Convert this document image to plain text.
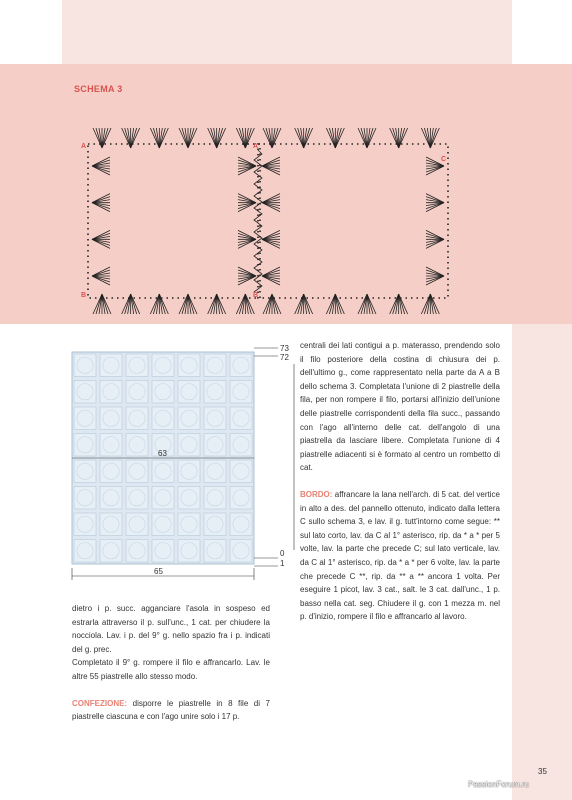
A
B
A
B
C
SCHEMA 3
63
65
73
72
0
1

dietro i p. succ. agganciare l'asola in sospeso ed estrarla attraverso il p. sull'unc., 1 cat. per chiudere la nocciola. Lav. i p. del 9° g. nello spazio fra i p. indicati del g. prec.

Completato il 9° g. rompere il filo e affrancarlo. Lav. le altre 55 piastrelle allo stesso modo.

CONFEZIONE: disporre le piastrelle in 8 file di 7 piastrelle ciascuna e con l'ago unire solo i 17 p.

centrali dei lati contigui a p. materasso, prendendo solo il filo posteriore della costina di chiusura dei p. dell'ultimo g., come rappresentato nella parte da A a B dello schema 3. Completata l'unione di 2 piastrelle della fila, per non rompere il filo, portarsi all'inizio dell'unione delle piastrelle corrispondenti della fila succ., passando con l'ago all'interno delle cat. dell'angolo di una piastrella da lasciare libere. Completata l'unione di 4 piastrelle adiacenti si è formato al centro un rombetto di cat.

BORDO: affrancare la lana nell'arch. di 5 cat. del vertice in alto a des. del pannello ottenuto, indicato dalla lettera C sullo schema 3, e lav. il g. tutt'intorno come segue: ** sul lato corto, lav. da C al 1° asterisco, rip. da * a * per 5 volte, lav. la parte che precede C; sul lato verticale, lav. da C al 1° asterisco, rip. da * a * per 6 volte, lav. la parte che precede C **, rip. da ** a ** ancora 1 volta. Per eseguire 1 picot, lav. 3 cat., salt. le 3 cat. dall'unc., 1 p. basso nella cat. seg. Chiudere il g. con 1 mezza m. nel p. d'inizio, rompere il filo e affrancarlo al lavoro.

35
PassionForum.ru
